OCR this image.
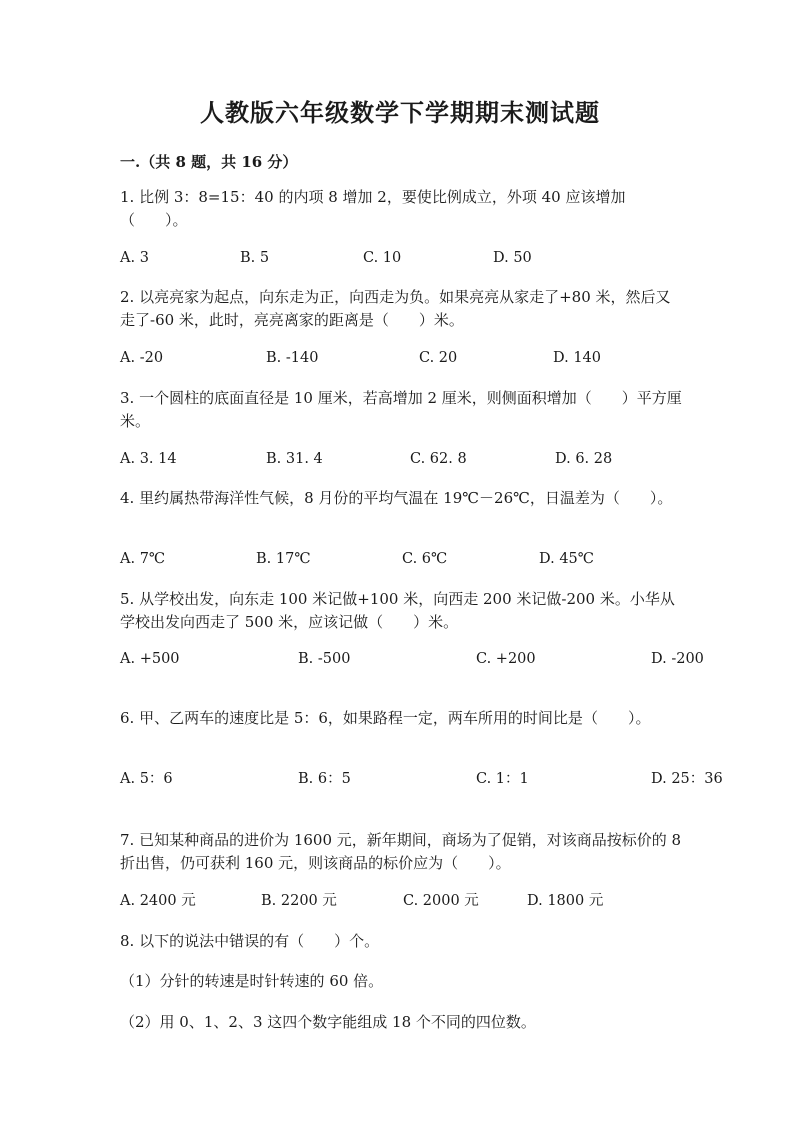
人教版六年级数学下学期期末测试题
一.（共 8 题，共 16 分）
1. 比例 3：8=15：40 的内项 8 增加 2，要使比例成立，外项 40 应该增加（　　）。
A. 3	B. 5	C. 10	D. 50
2. 以亮亮家为起点，向东走为正，向西走为负。如果亮亮从家走了+80 米，然后又走了-60 米，此时，亮亮离家的距离是（　　）米。
A. -20	B. -140	C. 20	D. 140
3. 一个圆柱的底面直径是 10 厘米，若高增加 2 厘米，则侧面积增加（　　）平方厘米。
A. 3. 14	B. 31. 4	C. 62. 8	D. 6. 28
4. 里约属热带海洋性气候，8 月份的平均气温在 19℃－26℃，日温差为（　　）。
A. 7℃	B. 17℃	C. 6℃	D. 45℃
5. 从学校出发，向东走 100 米记做+100 米，向西走 200 米记做-200 米。小华从学校出发向西走了 500 米，应该记做（　　）米。
A. +500	B. -500	C. +200	D. -200
6. 甲、乙两车的速度比是 5：6，如果路程一定，两车所用的时间比是（　　）。
A. 5：6	B. 6：5	C. 1：1	D. 25：36
7. 已知某种商品的进价为 1600 元，新年期间，商场为了促销，对该商品按标价的 8 折出售，仍可获利 160 元，则该商品的标价应为（　　）。
A. 2400 元	B. 2200 元	C. 2000 元	D. 1800 元
8. 以下的说法中错误的有（　　）个。
（1）分针的转速是时针转速的 60 倍。
（2）用 0、1、2、3 这四个数字能组成 18 个不同的四位数。
